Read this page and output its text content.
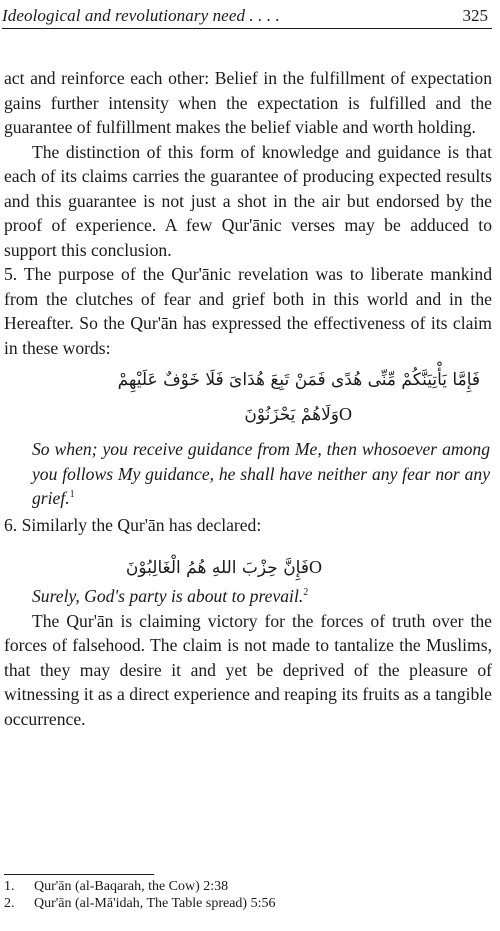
Ideological and revolutionary need . . . .	325

act and reinforce each other: Belief in the fulfillment of expectation gains further intensity when the expectation is fulfilled and the guarantee of fulfillment makes the belief viable and worth holding.

The distinction of this form of knowledge and guidance is that each of its claims carries the guarantee of producing expected results and this guarantee is not just a shot in the air but endorsed by the proof of experience. A few Qur'ānic verses may be adduced to support this conclusion.

5. The purpose of the Qur'ānic revelation was to liberate mankind from the clutches of fear and grief both in this world and in the Hereafter. So the Qur'ān has expressed the effectiveness of its claim in these words:

فَإِمَّا يَأْتِيَنَّكُمْ مِّنِّى هُدًى فَمَنْ تَبِعَ هُدَاىَ فَلَا خَوْفٌ عَلَيْهِمْ

Oوَلَاهُمْ يَحْزَنُوْنَ

So when; you receive guidance from Me, then whosoever among you follows My guidance, he shall have neither any fear nor any grief.$^1$

6. Similarly the Qur'ān has declared:

Oفَإِنَّ حِزْبَ اللهِ هُمُ الْغَالِبُوْنَ

Surely, God's party is about to prevail.$^2$

The Qur'ān is claiming victory for the forces of truth over the forces of falsehood. The claim is not made to tantalize the Muslims, that they may desire it and yet be deprived of the pleasure of witnessing it as a direct experience and reaping its fruits as a tangible occurrence.

1. Qur'ān (al-Baqarah, the Cow) 2:38
2. Qur'ān (al-Mā'idah, The Table spread) 5:56
